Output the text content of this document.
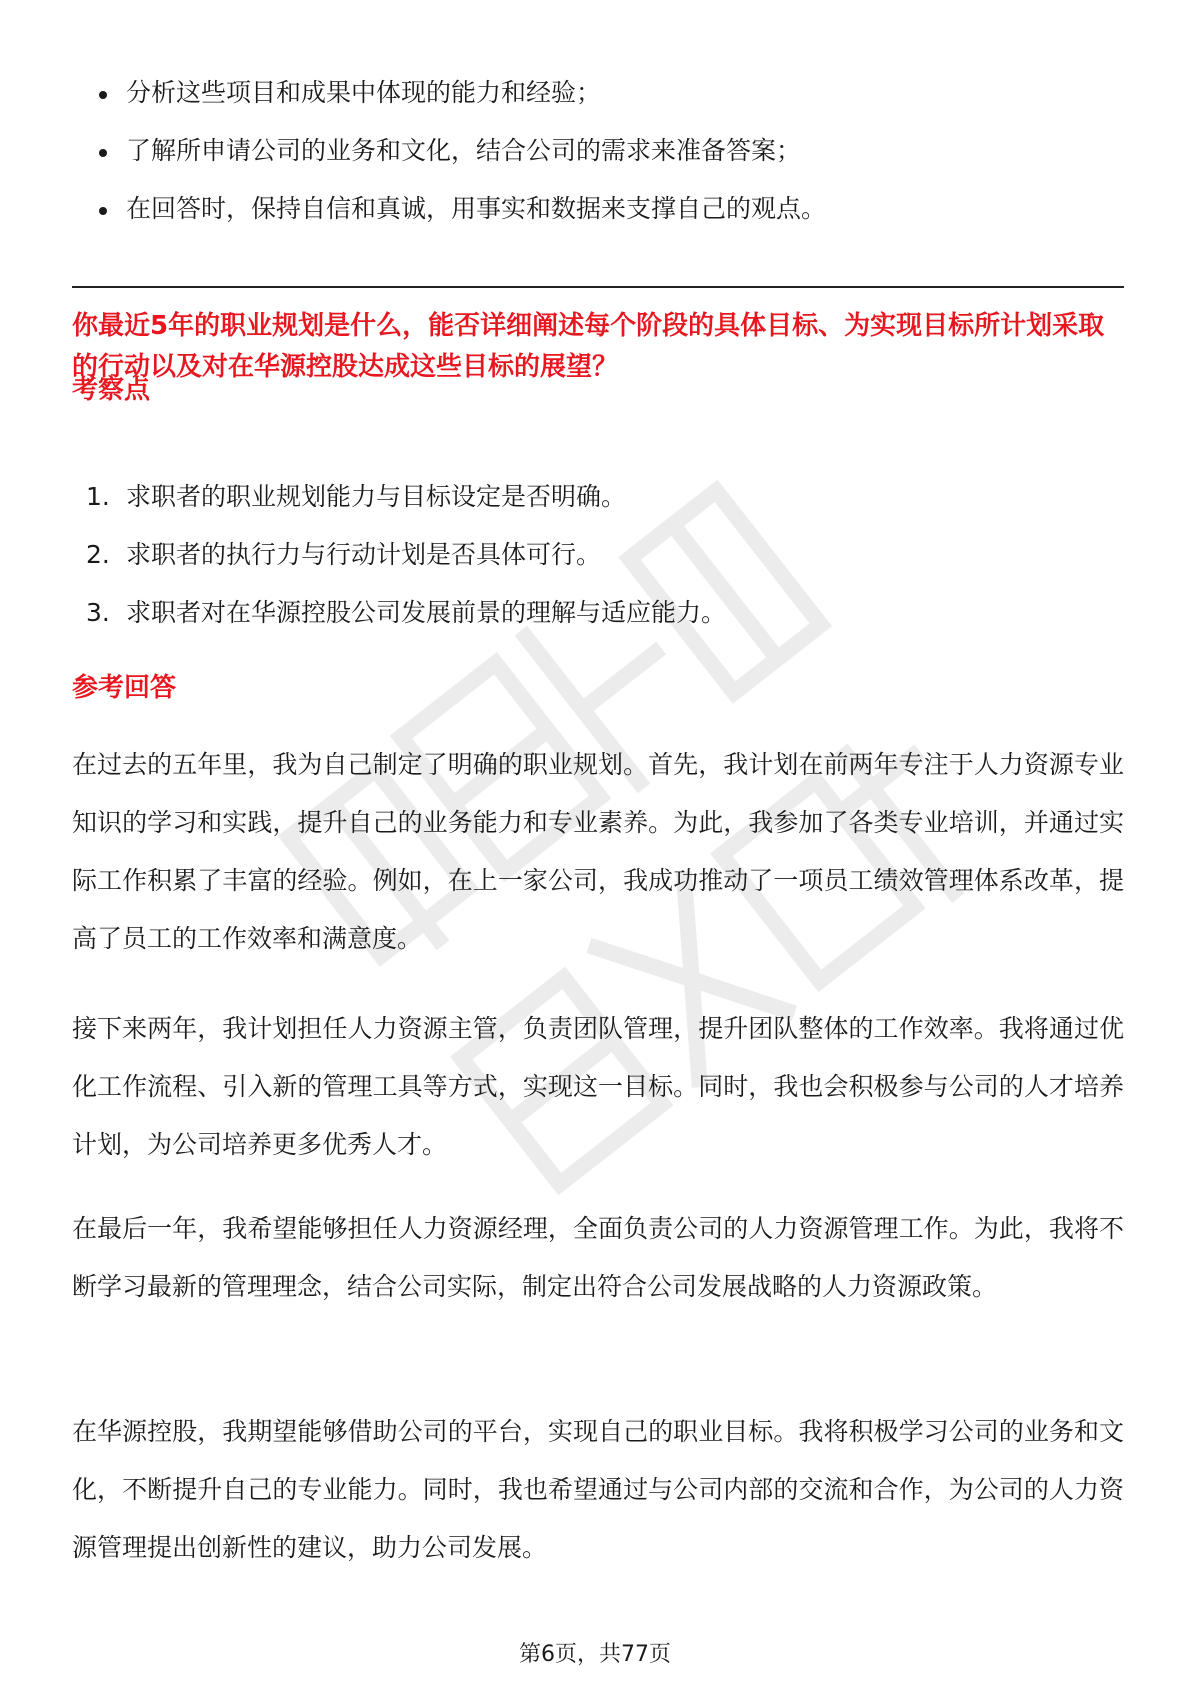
分析这些项目和成果中体现的能力和经验；
了解所申请公司的业务和文化，结合公司的需求来准备答案；
在回答时，保持自信和真诚，用事实和数据来支撑自己的观点。
你最近5年的职业规划是什么，能否详细阐述每个阶段的具体目标、为实现目标所计划采取的行动以及对在华源控股达成这些目标的展望？
考察点
1. 求职者的职业规划能力与目标设定是否明确。
2. 求职者的执行力与行动计划是否具体可行。
3. 求职者对在华源控股公司发展前景的理解与适应能力。
参考回答

在过去的五年里，我为自己制定了明确的职业规划。首先，我计划在前两年专注于人力资源专业知识的学习和实践，提升自己的业务能力和专业素养。为此，我参加了各类专业培训，并通过实际工作积累了丰富的经验。例如，在上一家公司，我成功推动了一项员工绩效管理体系改革，提高了员工的工作效率和满意度。

接下来两年，我计划担任人力资源主管，负责团队管理，提升团队整体的工作效率。我将通过优化工作流程、引入新的管理工具等方式，实现这一目标。同时，我也会积极参与公司的人才培养计划，为公司培养更多优秀人才。

在最后一年，我希望能够担任人力资源经理，全面负责公司的人力资源管理工作。为此，我将不断学习最新的管理理念，结合公司实际，制定出符合公司发展战略的人力资源政策。

在华源控股，我期望能够借助公司的平台，实现自己的职业目标。我将积极学习公司的业务和文化，不断提升自己的专业能力。同时，我也希望通过与公司内部的交流和合作，为公司的人力资源管理提出创新性的建议，助力公司发展。

第6页，共77页
